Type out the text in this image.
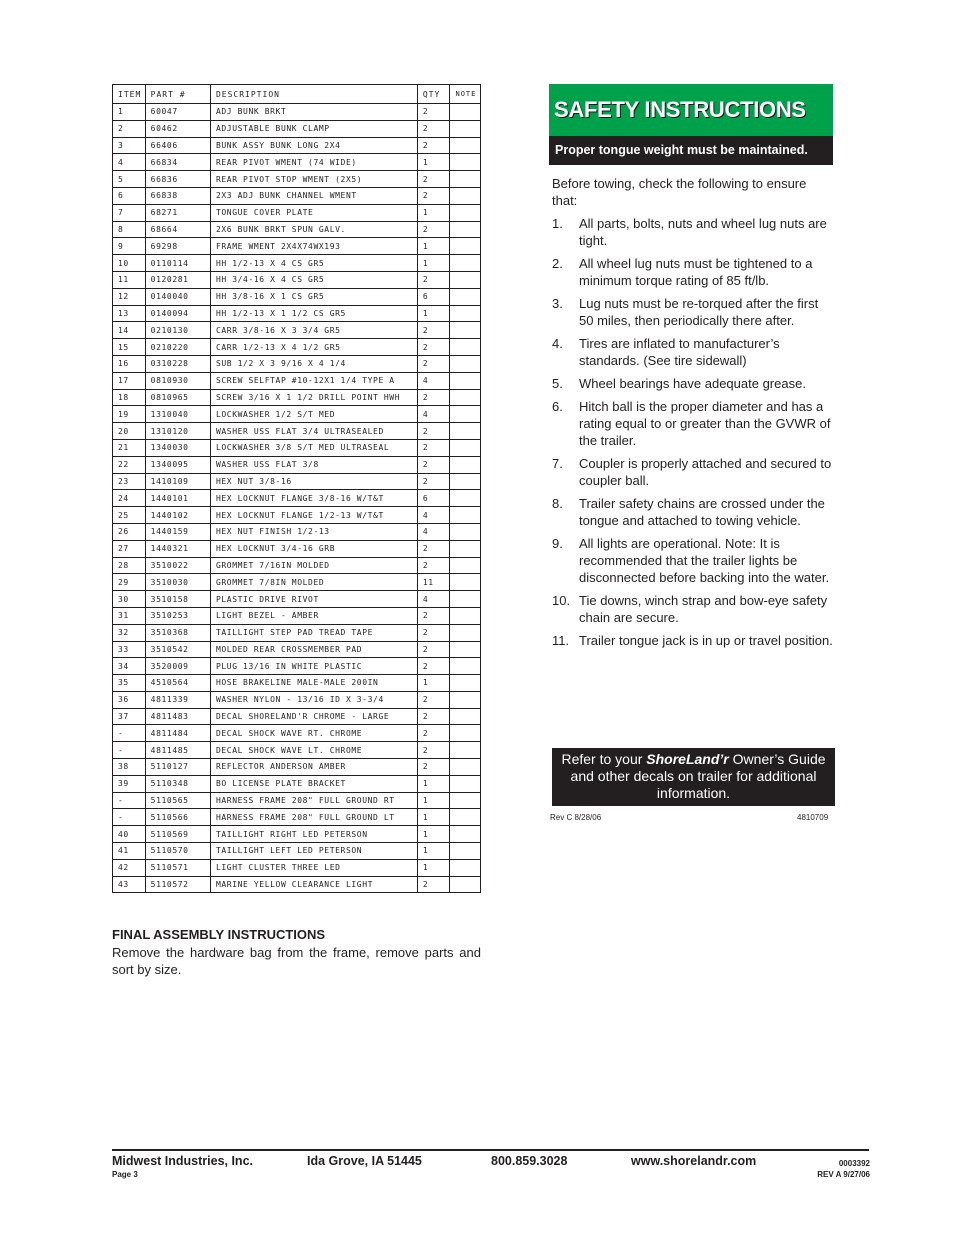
ITEM	PART #	DESCRIPTION	QTY	NOTE
1	60047	ADJ BUNK BRKT	2	
2	60462	ADJUSTABLE BUNK CLAMP	2	
3	66406	BUNK ASSY BUNK LONG 2X4	2	
4	66834	REAR PIVOT WMENT (74 WIDE)	1	
5	66836	REAR PIVOT STOP WMENT (2X5)	2	
6	66838	2X3 ADJ BUNK CHANNEL WMENT	2	
7	68271	TONGUE COVER PLATE	1	
8	68664	2X6 BUNK BRKT SPUN GALV.	2	
9	69298	FRAME WMENT 2X4X74WX193	1	
10	0110114	HH 1/2-13 X 4 CS GR5	1	
11	0120281	HH 3/4-16 X 4 CS GR5	2	
12	0140040	HH 3/8-16 X 1 CS GR5	6	
13	0140094	HH 1/2-13 X 1 1/2 CS GR5	1	
14	0210130	CARR 3/8-16 X 3 3/4 GR5	2	
15	0210220	CARR 1/2-13 X 4 1/2 GR5	2	
16	0310228	SUB 1/2 X 3 9/16 X 4 1/4	2	
17	0810930	SCREW SELFTAP #10-12X1 1/4 TYPE A	4	
18	0810965	SCREW 3/16 X 1 1/2 DRILL POINT HWH	2	
19	1310040	LOCKWASHER 1/2 S/T MED	4	
20	1310120	WASHER USS FLAT 3/4 ULTRASEALED	2	
21	1340030	LOCKWASHER 3/8 S/T MED ULTRASEAL	2	
22	1340095	WASHER USS FLAT 3/8	2	
23	1410109	HEX NUT 3/8-16	2	
24	1440101	HEX LOCKNUT FLANGE 3/8-16 W/T&T	6	
25	1440102	HEX LOCKNUT FLANGE 1/2-13 W/T&T	4	
26	1440159	HEX NUT FINISH 1/2-13	4	
27	1440321	HEX LOCKNUT 3/4-16 GRB	2	
28	3510022	GROMMET 7/16IN MOLDED	2	
29	3510030	GROMMET 7/8IN MOLDED	11	
30	3510158	PLASTIC DRIVE RIVOT	4	
31	3510253	LIGHT BEZEL - AMBER	2	
32	3510368	TAILLIGHT STEP PAD TREAD TAPE	2	
33	3510542	MOLDED REAR CROSSMEMBER PAD	2	
34	3520009	PLUG 13/16 IN WHITE PLASTIC	2	
35	4510564	HOSE BRAKELINE MALE-MALE 200IN	1	
36	4811339	WASHER NYLON - 13/16 ID X 3-3/4	2	
37	4811483	DECAL SHORELAND'R CHROME - LARGE	2	
-	4811484	DECAL SHOCK WAVE RT. CHROME	2	
-	4811485	DECAL SHOCK WAVE LT. CHROME	2	
38	5110127	REFLECTOR ANDERSON AMBER	2	
39	5110348	BO LICENSE PLATE BRACKET	1	
-	5110565	HARNESS FRAME 208" FULL GROUND RT	1	
-	5110566	HARNESS FRAME 208" FULL GROUND LT	1	
40	5110569	TAILLIGHT RIGHT LED PETERSON	1	
41	5110570	TAILLIGHT LEFT LED PETERSON	1	
42	5110571	LIGHT CLUSTER THREE LED	1	
43	5110572	MARINE YELLOW CLEARANCE LIGHT	2	
FINAL ASSEMBLY INSTRUCTIONS
Remove the hardware bag from the frame, remove parts and sort by size.
SAFETY INSTRUCTIONS
Proper tongue weight must be maintained.
Before towing, check the following to ensure that:
1.	All parts, bolts, nuts and wheel lug nuts are tight.
2.	All wheel lug nuts must be tightened to a minimum torque rating of 85 ft/lb.
3.	Lug nuts must be re-torqued after the first 50 miles, then periodically there after.
4.	Tires are inflated to manufacturer’s standards. (See tire sidewall)
5.	Wheel bearings have adequate grease.
6.	Hitch ball is the proper diameter and has a rating equal to or greater than the GVWR of the trailer.
7.	Coupler is properly attached and secured to coupler ball.
8.	Trailer safety chains are crossed under the tongue and attached to towing vehicle.
9.	All lights are operational. Note: It is recommended that the trailer lights be disconnected before backing into the water.
10. Tie downs, winch strap and bow-eye safety chain are secure.
11. Trailer tongue jack is in up or travel position.
Refer to your ShoreLand’r Owner’s Guide and other decals on trailer for additional information.
Rev C 8/28/06	4810709
Midwest Industries, Inc.
Page 3
Ida Grove, IA 51445	800.859.3028	www.shorelandr.com	0003392
REV A 9/27/06
